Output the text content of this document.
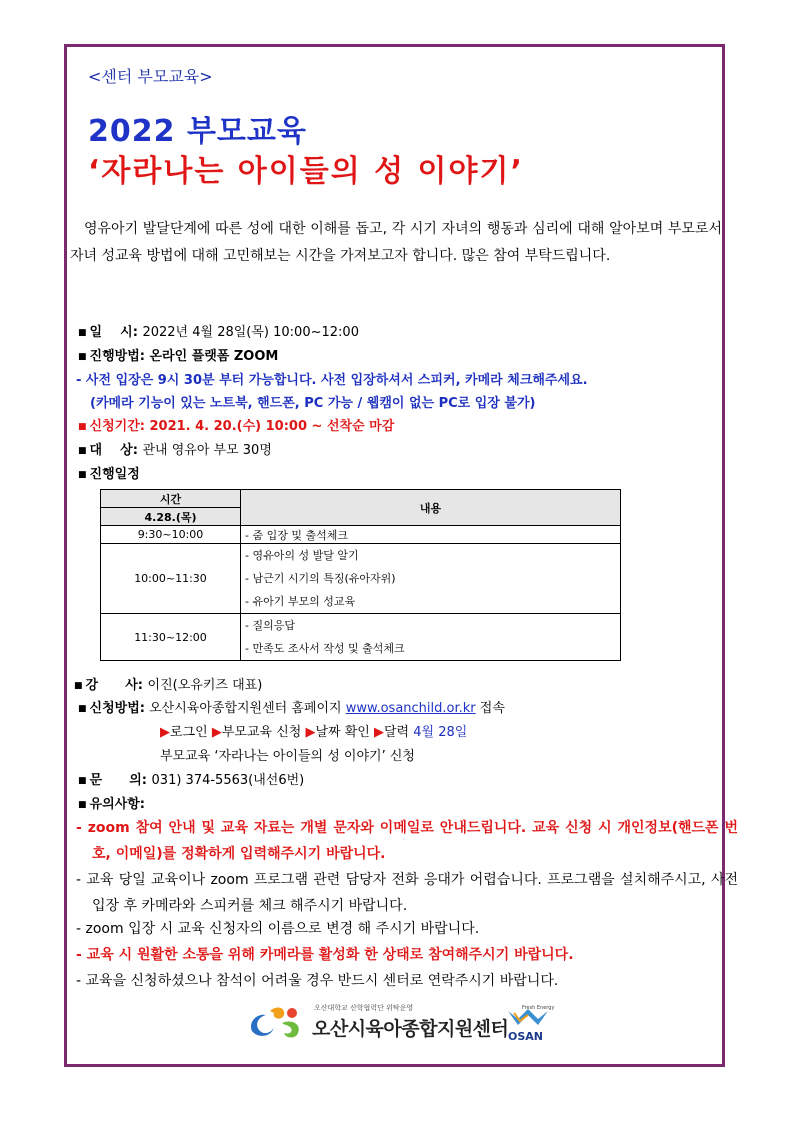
<센터 부모교육>
2022 부모교육
‘자라나는 아이들의 성 이야기’
영유아기 발달단계에 따른 성에 대한 이해를 돕고, 각 시기 자녀의 행동과 심리에 대해 알아보며 부모로서 자녀 성교육 방법에 대해 고민해보는 시간을 가져보고자 합니다. 많은 참여 부탁드립니다.
■ 일    시: 2022년 4월 28일(목) 10:00~12:00
■ 진행방법: 온라인 플랫폼 ZOOM
- 사전 입장은 9시 30분 부터 가능합니다. 사전 입장하셔서 스피커, 카메라 체크해주세요.
(카메라 기능이 있는 노트북, 핸드폰, PC 가능 / 웹캠이 없는 PC로 입장 불가)
■ 신청기간: 2021. 4. 20.(수) 10:00 ~ 선착순 마감
■ 대    상: 관내 영유아 부모 30명
■ 진행일정
시간	내용
4.28.(목)	
9:30~10:00	- 줌 입장 및 출석체크
10:00~11:30	- 영유아의 성 발달 알기
- 남근기 시기의 특징(유아자위)
- 유아기 부모의 성교육

11:30~12:00	- 질의응답
- 만족도 조사서 작성 및 출석체크
■ 강      사: 이진(오유키즈 대표)
■ 신청방법: 오산시육아종합지원센터 홈페이지 www.osanchild.or.kr 접속
▶로그인 ▶부모교육 신청 ▶날짜 확인 ▶달력 4월 28일
부모교육 ‘자라나는 아이들의 성 이야기’ 신청
■ 문      의: 031) 374-5563(내선6번)
■ 유의사항:
- zoom 참여 안내 및 교육 자료는 개별 문자와 이메일로 안내드립니다. 교육 신청 시 개인정보(핸드폰 번호, 이메일)를 정확하게 입력해주시기 바랍니다.
- 교육 당일 교육이나 zoom 프로그램 관련 담당자 전화 응대가 어렵습니다. 프로그램을 설치해주시고, 사전 입장 후 카메라와 스피커를 체크 해주시기 바랍니다.
- zoom 입장 시 교육 신청자의 이름으로 변경 해 주시기 바랍니다.
- 교육 시 원활한 소통을 위해 카메라를 활성화 한 상태로 참여해주시기 바랍니다.
- 교육을 신청하셨으나 참석이 어려울 경우 반드시 센터로 연락주시기 바랍니다.
오산대학교 산학협력단 위탁운영
오산시육아종합지원센터
Fresh Energy
OSAN
